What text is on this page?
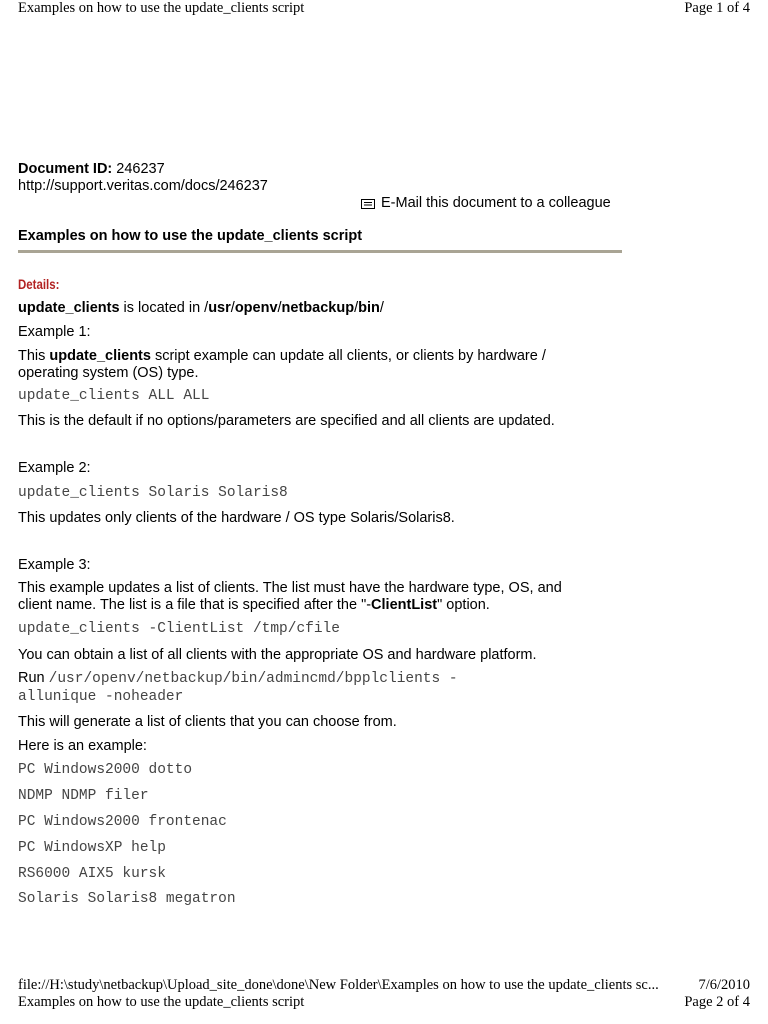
Examples on how to use the update_clients script	Page 1 of 4
Document ID: 246237
http://support.veritas.com/docs/246237
E-Mail this document to a colleague
Examples on how to use the update_clients script
Details:
update_clients is located in /usr/openv/netbackup/bin/
Example 1:
This update_clients script example can update all clients, or clients by hardware / operating system (OS) type.
update_clients ALL ALL
This is the default if no options/parameters are specified and all clients are updated.
Example 2:
update_clients Solaris Solaris8
This updates only clients of the hardware / OS type Solaris/Solaris8.
Example 3:
This example updates a list of clients. The list must have the hardware type, OS, and client name. The list is a file that is specified after the "-ClientList" option.
update_clients -ClientList /tmp/cfile
You can obtain a list of all clients with the appropriate OS and hardware platform.
Run /usr/openv/netbackup/bin/admincmd/bpplclients -
allunique -noheader
This will generate a list of clients that you can choose from.
Here is an example:
PC Windows2000 dotto
NDMP NDMP filer
PC Windows2000 frontenac
PC WindowsXP help
RS6000 AIX5 kursk
Solaris Solaris8 megatron
file://H:\study\netbackup\Upload_site_done\done\New Folder\Examples on how to use the update_clients sc...	7/6/2010
Examples on how to use the update_clients script	Page 2 of 4
